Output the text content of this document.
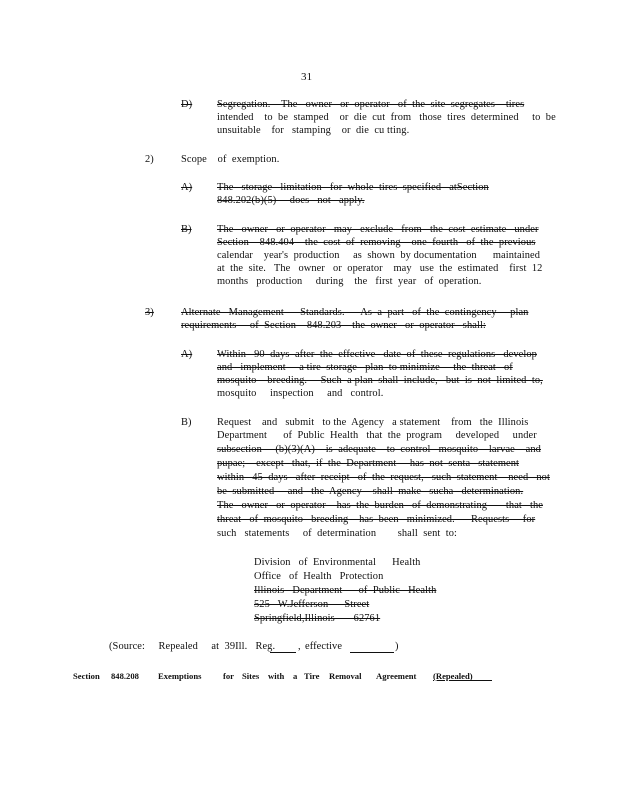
31
D) Segregation.    The   owner   or  operator   of  the  site  segregates    tires
intended    to  be  stamped    or  die  cut  from   those  tires  determined     to  be
unsuitable    for   stamping    or  die  cu tting.
2)	Scope    of  exemption.
A) The   storage   limitation   for  whole  tires  specified   atSection
848.202(b)(5)     does   not   apply.
B) The   owner   or  operator   may   exclude   from   the  cost  estimate   under
Section    848.404    the  cost  of  removing    one  fourth   of  the  previous
calendar    year's  production     as  shown  by documentation      maintained
at  the  site.   The   owner   or  operator    may   use  the  estimated    first  12
months   production     during    the   first  year   of  operation.
3)	Alternate   Management      Standards.      As  a  part   of  the  contingency     plan
requirements     of  Section    848.203    the  owner   or  operator   shall:
A) Within   90  days  after  the  effective   date  of  these  regulations   develop
and   implement     a tire  storage   plan  to minimize     the  threat   of
mosquito    breeding.     Such  a plan  shall  include,   but  is  not  limited  to,
mosquito     inspection     and   control.
B) Request    and   submit   to the  Agency   a statement    from   the  Illinois
Department      of  Public  Health   that  the  program     developed     under
subsection     (b)(3)(A)    is  adequate    to  control   mosquito    larvae    and
pupae;    except   that,  if  the  Department     has  not  senta   statement
within   45  days   after  receipt   of  the  request,   such  statement    need   not
be  submitted     and   the  Agency    shall  make   sucha   determination.
The   owner   or  operator    has  the  burden   of  demonstrating       that   the
threat   of  mosquito   breeding    has  been   minimized.      Requests     for
such   statements     of  determination        shall  sent  to:
Division   of  Environmental      Health
Office   of  Health   Protection
Illinois   Department      of  Public   Health
525   W.Jefferson      Street
Springfield,Illinois       62761
(Source:     Repealed     at  39Ill.   Reg. , effective	)
Section 848.208 Exemptions	for Sites with a Tire Removal Agreement (Repealed)
